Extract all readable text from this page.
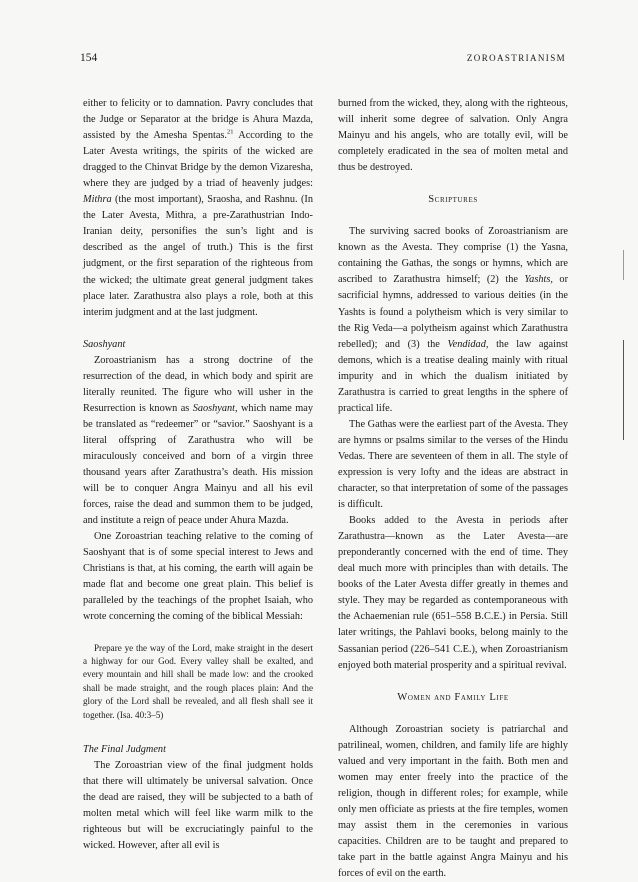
154	ZOROASTRIANISM

either to felicity or to damnation. Pavry concludes that the Judge or Separator at the bridge is Ahura Mazda, assisted by the Amesha Spentas.$^{21}$ According to the Later Avesta writings, the spirits of the wicked are dragged to the Chinvat Bridge by the demon Vizaresha, where they are judged by a triad of heavenly judges: Mithra (the most important), Sraosha, and Rashnu. (In the Later Avesta, Mithra, a pre-Zarathustrian Indo-Iranian deity, personifies the sun’s light and is described as the angel of truth.) This is the first judgment, or the first separation of the righteous from the wicked; the ultimate great general judgment takes place later. Zarathustra also plays a role, both at this interim judgment and at the last judgment.

Saoshyant

Zoroastrianism has a strong doctrine of the resurrection of the dead, in which body and spirit are literally reunited. The figure who will usher in the Resurrection is known as Saoshyant, which name may be translated as “redeemer” or “savior.” Saoshyant is a literal offspring of Zarathustra who will be miraculously conceived and born of a virgin three thousand years after Zarathustra’s death. His mission will be to conquer Angra Mainyu and all his evil forces, raise the dead and summon them to be judged, and institute a reign of peace under Ahura Mazda.

One Zoroastrian teaching relative to the coming of Saoshyant that is of some special interest to Jews and Christians is that, at his coming, the earth will again be made flat and become one great plain. This belief is paralleled by the teachings of the prophet Isaiah, who wrote concerning the coming of the biblical Messiah:

Prepare ye the way of the Lord, make straight in the desert a highway for our God. Every valley shall be exalted, and every mountain and hill shall be made low: and the crooked shall be made straight, and the rough places plain: And the glory of the Lord shall be revealed, and all flesh shall see it together. (Isa. 40:3–5)

The Final Judgment

The Zoroastrian view of the final judgment holds that there will ultimately be universal salvation. Once the dead are raised, they will be subjected to a bath of molten metal which will feel like warm milk to the righteous but will be excruciatingly painful to the wicked. However, after all evil is

burned from the wicked, they, along with the righteous, will inherit some degree of salvation. Only Angra Mainyu and his angels, who are totally evil, will be completely eradicated in the sea of molten metal and thus be destroyed.

Scriptures

The surviving sacred books of Zoroastrianism are known as the Avesta. They comprise (1) the Yasna, containing the Gathas, the songs or hymns, which are ascribed to Zarathustra himself; (2) the Yashts, or sacrificial hymns, addressed to various deities (in the Yashts is found a polytheism which is very similar to the Rig Veda—a polytheism against which Zarathustra rebelled); and (3) the Vendidad, the law against demons, which is a treatise dealing mainly with ritual impurity and in which the dualism initiated by Zarathustra is carried to great lengths in the sphere of practical life.

The Gathas were the earliest part of the Avesta. They are hymns or psalms similar to the verses of the Hindu Vedas. There are seventeen of them in all. The style of expression is very lofty and the ideas are abstract in character, so that interpretation of some of the passages is difficult.

Books added to the Avesta in periods after Zarathustra—known as the Later Avesta—are preponderantly concerned with the end of time. They deal much more with principles than with details. The books of the Later Avesta differ greatly in themes and style. They may be regarded as contemporaneous with the Achaemenian rule (651–558 B.C.E.) in Persia. Still later writings, the Pahlavi books, belong mainly to the Sassanian period (226–541 C.E.), when Zoroastrianism enjoyed both material prosperity and a spiritual revival.

Women and Family Life

Although Zoroastrian society is patriarchal and patrilineal, women, children, and family life are highly valued and very important in the faith. Both men and women may enter freely into the practice of the religion, though in different roles; for example, while only men officiate as priests at the fire temples, women may assist them in the ceremonies in various capacities. Children are to be taught and prepared to take part in the battle against Angra Mainyu and his forces of evil on the earth.
